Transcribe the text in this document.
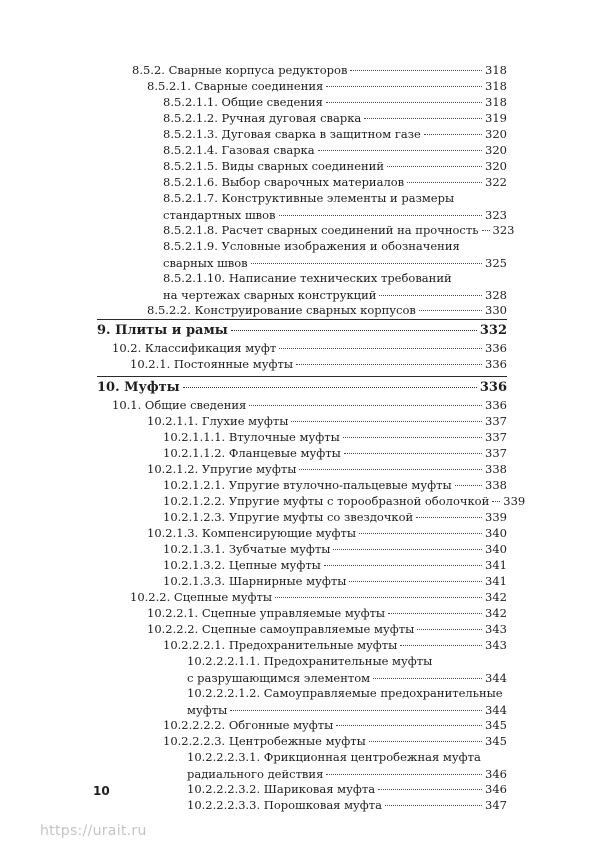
8.5.2. Сварные корпуса редукторов	318
8.5.2.1. Сварные соединения	318
8.5.2.1.1. Общие сведения	318
8.5.2.1.2. Ручная дуговая сварка	319
8.5.2.1.3. Дуговая сварка в защитном газе	320
8.5.2.1.4. Газовая сварка	320
8.5.2.1.5. Виды сварных соединений	320
8.5.2.1.6. Выбор сварочных материалов	322
8.5.2.1.7. Конструктивные элементы и размеры
стандартных швов	323
8.5.2.1.8. Расчет сварных соединений на прочность 323
8.5.2.1.9. Условные изображения и обозначения
сварных швов	325
8.5.2.1.10. Написание технических требований
на чертежах сварных конструкций	328
8.5.2.2. Конструирование сварных корпусов	330
9. Плиты и рамы	332
10.2. Классификация муфт	336
10.2.1. Постоянные муфты	336
10. Муфты	336
10.1. Общие сведения	336
10.2.1.1. Глухие муфты	337
10.2.1.1.1. Втулочные муфты	337
10.2.1.1.2. Фланцевые муфты	337
10.2.1.2. Упругие муфты	338
10.2.1.2.1. Упругие втулочно-пальцевые муфты	338
10.2.1.2.2. Упругие муфты с торообразной оболочкой 339
10.2.1.2.3. Упругие муфты со звездочкой	339
10.2.1.3. Компенсирующие муфты	340
10.2.1.3.1. Зубчатые муфты	340
10.2.1.3.2. Цепные муфты	341
10.2.1.3.3. Шарнирные муфты	341
10.2.2. Сцепные муфты	342
10.2.2.1. Сцепные управляемые муфты	342
10.2.2.2. Сцепные самоуправляемые муфты	343
10.2.2.2.1. Предохранительные муфты	343
10.2.2.2.1.1. Предохранительные муфты
с разрушающимся элементом	344
10.2.2.2.1.2. Самоуправляемые предохранительные
муфты	344
10.2.2.2.2. Обгонные муфты	345
10.2.2.2.3. Центробежные муфты	345
10.2.2.2.3.1. Фрикционная центробежная муфта
радиального действия	346
10.2.2.2.3.2. Шариковая муфта	346
10.2.2.2.3.3. Порошковая муфта	347
10
https://urait.ru
